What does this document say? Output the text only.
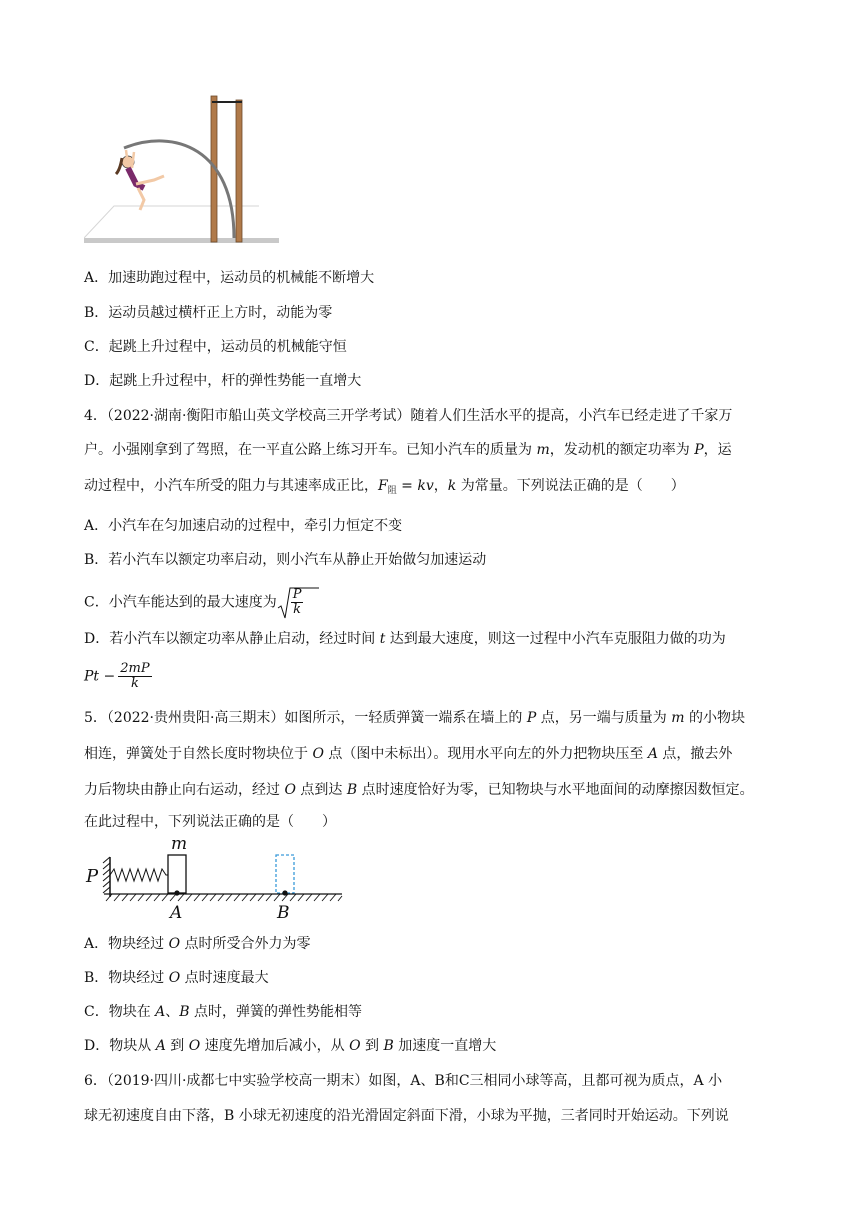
A．加速助跑过程中，运动员的机械能不断增大
B．运动员越过横杆正上方时，动能为零
C．起跳上升过程中，运动员的机械能守恒
D．起跳上升过程中，杆的弹性势能一直增大
4．（2022·湖南·衡阳市船山英文学校高三开学考试）随着人们生活水平的提高，小汽车已经走进了千家万
户。小强刚拿到了驾照，在一平直公路上练习开车。已知小汽车的质量为 m，发动机的额定功率为 P，运
动过程中，小汽车所受的阻力与其速率成正比，$F_阻$ = kv，k 为常量。下列说法正确的是（　　）
A．小汽车在匀加速启动的过程中，牵引力恒定不变
B．若小汽车以额定功率启动，则小汽车从静止开始做匀加速运动
C．小汽车能达到的最大速度为 $\frac{P}{k}$
D．若小汽车以额定功率从静止启动，经过时间 t 达到最大速度，则这一过程中小汽车克服阻力做的功为
$Pt - \frac{2mP}{k}$
5．（2022·贵州贵阳·高三期末）如图所示，一轻质弹簧一端系在墙上的 P 点，另一端与质量为 m 的小物块
相连，弹簧处于自然长度时物块位于 O 点（图中未标出）。现用水平向左的外力把物块压至 A 点，撤去外
力后物块由静止向右运动，经过 O 点到达 B 点时速度恰好为零，已知物块与水平地面间的动摩擦因数恒定。
在此过程中，下列说法正确的是（　　）
P
m
A	B
A．物块经过 O 点时所受合外力为零
B．物块经过 O 点时速度最大
C．物块在 A、B 点时，弹簧的弹性势能相等
D．物块从 A 到 O 速度先增加后减小，从 O 到 B 加速度一直增大
6．（2019·四川·成都七中实验学校高一期末）如图，A、B和C三相同小球等高，且都可视为质点，A 小
球无初速度自由下落，B 小球无初速度的沿光滑固定斜面下滑，小球为平抛，三者同时开始运动。下列说
